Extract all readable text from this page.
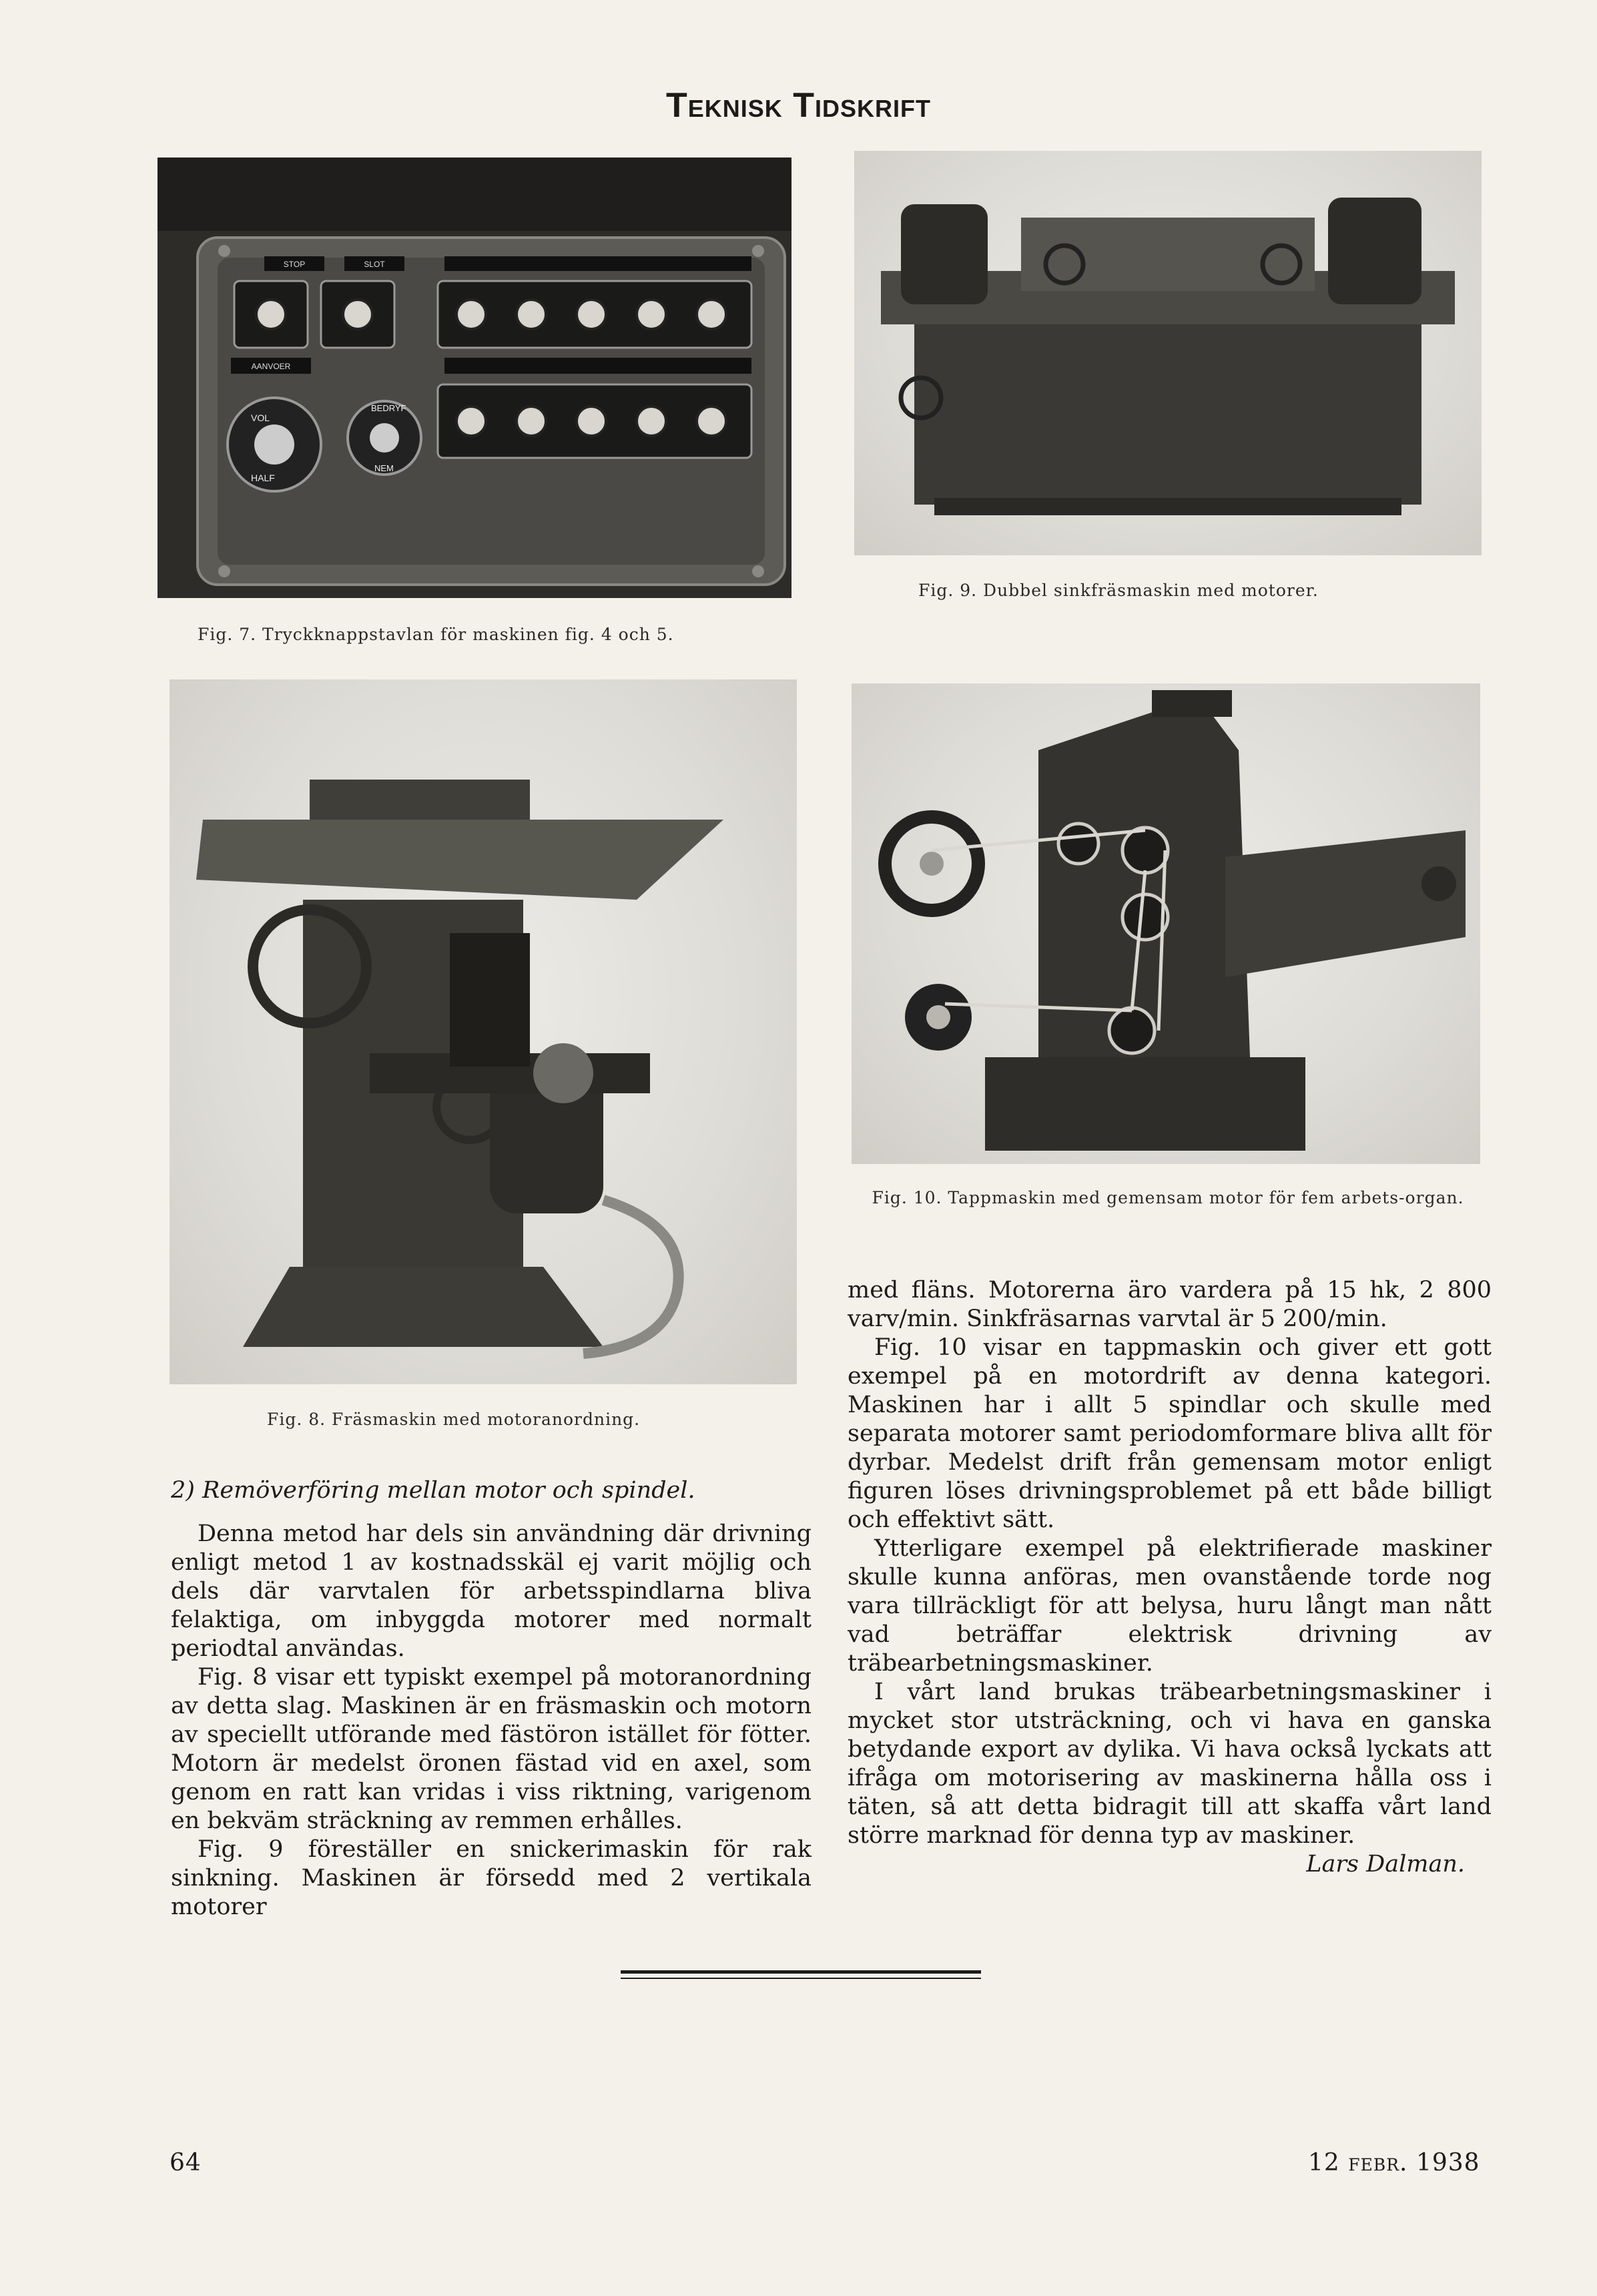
Teknisk Tidskrift
STOP	SLOT
AANVOER
VOL
HALF
BEDRYF
NEM
Fig. 7. Tryckknappstavlan för maskinen fig. 4 och 5.
Fig. 9. Dubbel sinkfräsmaskin med motorer.
Fig. 8. Fräsmaskin med motoranordning.
Fig. 10. Tappmaskin med gemensam motor för fem arbets-organ.

2) Remöverföring mellan motor och spindel.

Denna metod har dels sin användning där drivning enligt metod 1 av kostnadsskäl ej varit möjlig och dels där varvtalen för arbetsspindlarna bliva felaktiga, om inbyggda motorer med normalt periodtal användas.

Fig. 8 visar ett typiskt exempel på motoranordning av detta slag. Maskinen är en fräsmaskin och motorn av speciellt utförande med fästöron istället för fötter. Motorn är medelst öronen fästad vid en axel, som genom en ratt kan vridas i viss riktning, varigenom en bekväm sträckning av remmen erhålles.

Fig. 9 föreställer en snickerimaskin för rak sinkning. Maskinen är försedd med 2 vertikala motorer

med fläns. Motorerna äro vardera på 15 hk, 2 800 varv/min. Sinkfräsarnas varvtal är 5 200/min.

Fig. 10 visar en tappmaskin och giver ett gott exempel på en motordrift av denna kategori. Maskinen har i allt 5 spindlar och skulle med separata motorer samt periodomformare bliva allt för dyrbar. Medelst drift från gemensam motor enligt figuren löses drivningsproblemet på ett både billigt och effektivt sätt.

Ytterligare exempel på elektrifierade maskiner skulle kunna anföras, men ovanstående torde nog vara tillräckligt för att belysa, huru långt man nått vad beträffar elektrisk drivning av träbearbetningsmaskiner.

I vårt land brukas träbearbetningsmaskiner i mycket stor utsträckning, och vi hava en ganska betydande export av dylika. Vi hava också lyckats att ifråga om motorisering av maskinerna hålla oss i täten, så att detta bidragit till att skaffa vårt land större marknad för denna typ av maskiner.

Lars Dalman.

64	12 febr. 1938
